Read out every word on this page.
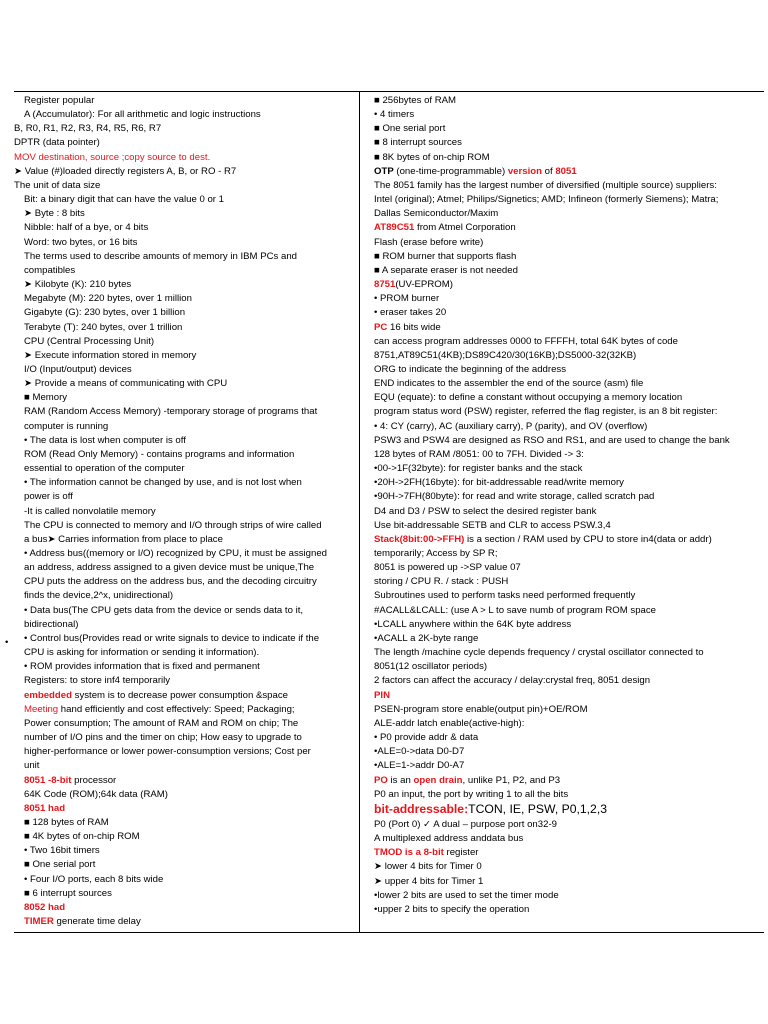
Register popular
A (Accumulator): For all arithmetic and logic instructions
B, R0, R1, R2, R3, R4, R5, R6, R7
DPTR (data pointer)
MOV destination, source ;copy source to dest.
➤ Value (#)loaded directly registers A, B, or RO - R7
The unit of data size
Bit: a binary digit that can have the value 0 or 1
➤ Byte : 8 bits
Nibble: half of a bye, or 4 bits
Word: two bytes, or 16 bits
The terms used to describe amounts of memory in IBM PCs and
compatibles
➤ Kilobyte (K): 210 bytes
Megabyte (M): 220 bytes, over 1 million
Gigabyte (G): 230 bytes, over 1 billion
Terabyte (T): 240 bytes, over 1 trillion
CPU (Central Processing Unit)
➤ Execute information stored in memory
I/O (Input/output) devices
➤ Provide a means of communicating with CPU
■ Memory
RAM (Random Access Memory) -temporary storage of programs that
computer is running
• The data is lost when computer is off
ROM (Read Only Memory) - contains programs and information
essential to operation of the computer
• The information cannot be changed by use, and is not lost when
power is off
-It is called nonvolatile memory
The CPU is connected to memory and I/O through strips of wire called
a bus➤ Carries information from place to place
• Address bus((memory or I/O) recognized by CPU, it must be assigned
an address, address assigned to a given device must be unique,The
CPU puts the address on the address bus, and the decoding circuitry
finds the device,2^x, unidirectional)
• Data bus(The CPU gets data from the device or sends data to it,
bidirectional)
• Control bus(Provides read or write signals to device to indicate if the
CPU is asking for information or sending it information).
• ROM provides information that is fixed and permanent
Registers: to store inf4 temporarily
embedded system is to decrease power consumption &space
Meeting hand efficiently and cost effectively: Speed; Packaging;
Power consumption; The amount of RAM and ROM on chip; The
number of I/O pins and the timer on chip; How easy to upgrade to
higher-performance or lower power-consumption versions; Cost per
unit
8051 -8-bit processor
64K Code (ROM);64k data (RAM)
8051 had
■ 128 bytes of RAM
■ 4K bytes of on-chip ROM
• Two 16bit timers
■ One serial port
• Four I/O ports, each 8 bits wide
■ 6 interrupt sources
8052 had
TIMER generate time delay
■ 256bytes of RAM
• 4 timers
■ One serial port
■ 8 interrupt sources
■ 8K bytes of on-chip ROM
OTP (one-time-programmable) version of 8051
The 8051 family has the largest number of diversified (multiple source) suppliers:
Intel (original); Atmel; Philips/Signetics; AMD; Infineon (formerly Siemens); Matra;
Dallas Semiconductor/Maxim
AT89C51 from Atmel Corporation
Flash (erase before write)
■ ROM burner that supports flash
■ A separate eraser is not needed
8751(UV-EPROM)
• PROM burner
• eraser takes 20
PC 16 bits wide
can access program addresses 0000 to FFFFH, total 64K bytes of code
8751,AT89C51(4KB);DS89C420/30(16KB);DS5000-32(32KB)
ORG to indicate the beginning of the address
END indicates to the assembler the end of the source (asm) file
EQU (equate): to define a constant without occupying a memory location
program status word (PSW) register, referred the flag register, is an 8 bit register:
• 4: CY (carry), AC (auxiliary carry), P (parity), and OV (overflow)
PSW3 and PSW4 are designed as RSO and RS1, and are used to change the bank
128 bytes of RAM /8051: 00 to 7FH. Divided -> 3:
•00->1F(32byte): for register banks and the stack
•20H->2FH(16byte): for bit-addressable read/write memory
•90H->7FH(80byte): for read and write storage, called scratch pad
D4 and D3 / PSW to select the desired register bank
Use bit-addressable SETB and CLR to access PSW.3,4
Stack(8bit:00->FFH) is a section / RAM used by CPU to store in4(data or addr)
temporarily; Access by SP R;
8051 is powered up ->SP value 07
storing / CPU R. / stack : PUSH
Subroutines used to perform tasks need performed frequently
#ACALL&LCALL: (use A > L to save numb of program ROM space
•LCALL anywhere within the 64K byte address
•ACALL a 2K-byte range
The length /machine cycle depends frequency / crystal oscillator connected to
8051(12 oscillator periods)
2 factors can affect the accuracy / delay:crystal freq, 8051 design
PIN
PSEN-program store enable(output pin)+OE/ROM
ALE-addr latch enable(active-high):
• P0 provide addr & data
•ALE=0->data D0-D7
•ALE=1->addr D0-A7
PO is an open drain, unlike P1, P2, and P3
P0 an input, the port by writing 1 to all the bits
bit-addressable:TCON, IE, PSW, P0,1,2,3
P0 (Port 0) ✓ A dual – purpose port on32-9
A multiplexed address anddata bus
TMOD is a 8-bit register
➤ lower 4 bits for Timer 0
➤ upper 4 bits for Timer 1
•lower 2 bits are used to set the timer mode
•upper 2 bits to specify the operation
•
